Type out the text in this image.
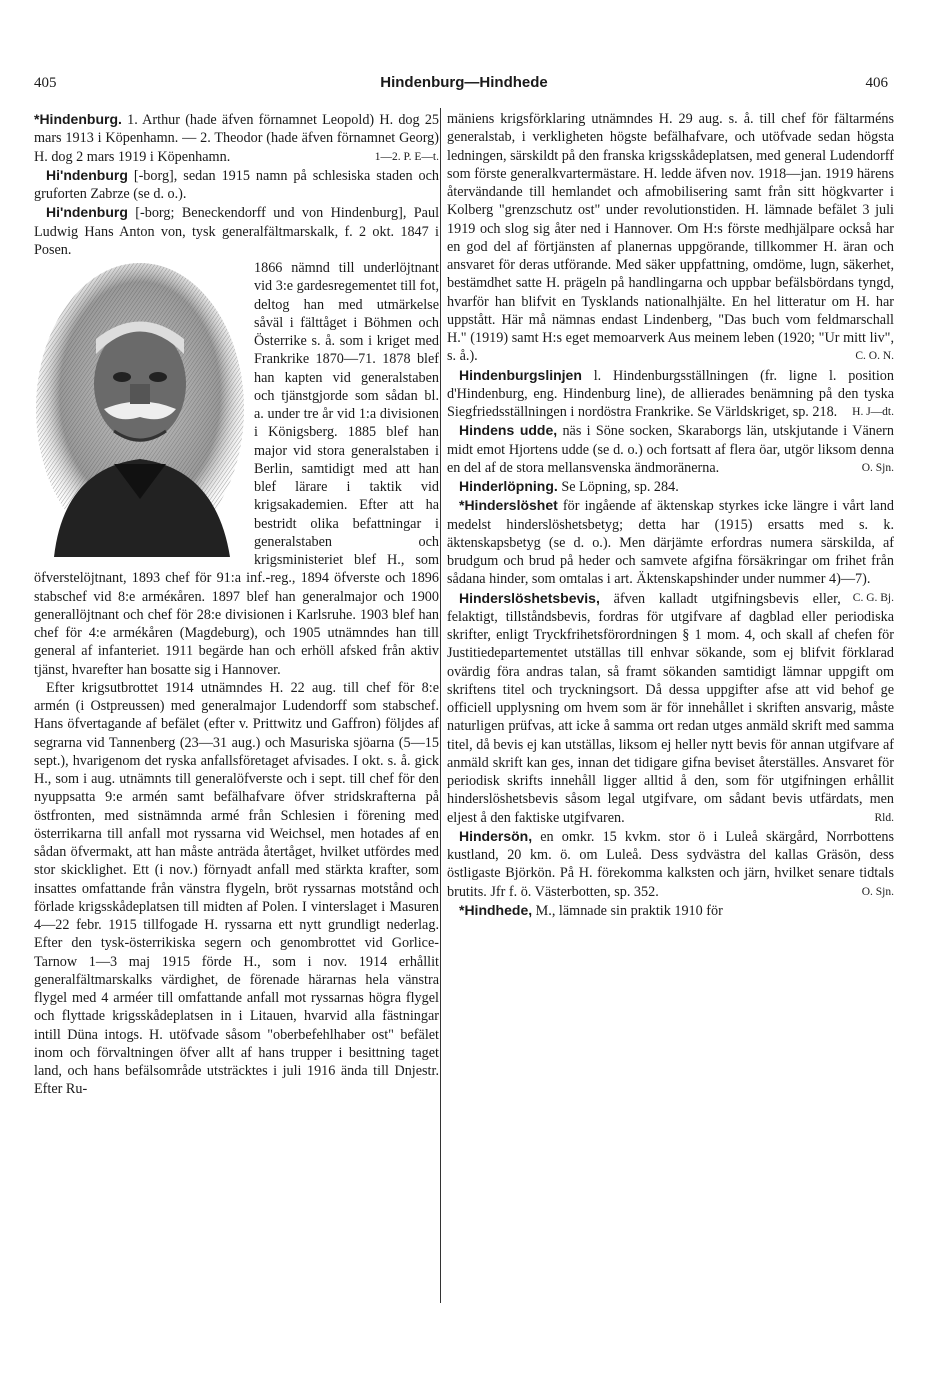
405	Hindenburg—Hindhede	406

*Hindenburg. 1. Arthur (hade äfven förnamnet Leopold) H. dog 25 mars 1913 i Köpenhamn. — 2. Theodor (hade äfven förnamnet Georg) H. dog 2 mars 1919 i Köpenhamn.	1—2. P. E—t.

Hi'ndenburg [-borg], sedan 1915 namn på schlesiska staden och gruforten Zabrze (se d. o.).

Hi'ndenburg [-borg; Beneckendorff und von Hindenburg], Paul Ludwig Hans Anton von, tysk generalfältmarskalk, f. 2 okt. 1847 i Posen.

1866 nämnd till underlöjtnant vid 3:e gardesregementet till fot, deltog han med utmärkelse såväl i fälttåget i Böhmen och Österrike s. å. som i kriget med Frankrike 1870—71. 1878 blef han kapten vid generalstaben och tjänstgjorde som sådan bl. a. under tre år vid 1:a divisionen i Königsberg. 1885 blef han major vid stora generalstaben i Berlin, samtidigt med att han blef lärare i taktik vid krigsakademien. Efter att ha bestridt olika befattningar i generalstaben och krigsministeriet blef H., som öfverstelöjtnant, 1893 chef för 91:a inf.-reg., 1894 öfverste och 1896 stabschef vid 8:e arméкåren. 1897 blef han generalmajor och 1900 generallöjtnant och chef för 28:e divisionen i Karlsruhe. 1903 blef han chef för 4:e armékåren (Magdeburg), och 1905 utnämndes han till general af infanteriet. 1911 begärde han och erhöll afsked från aktiv tjänst, hvarefter han bosatte sig i Hannover.

Efter krigsutbrottet 1914 utnämndes H. 22 aug. till chef för 8:e armén (i Ostpreussen) med generalmajor Ludendorff som stabschef. Hans öfvertagande af befälet (efter v. Prittwitz und Gaffron) följdes af segrarna vid Tannenberg (23—31 aug.) och Masuriska sjöarna (5—15 sept.), hvarigenom det ryska anfallsföretaget afvisades. I okt. s. å. gick H., som i aug. utnämnts till generalöfverste och i sept. till chef för den nyuppsatta 9:e armén samt befälhafvare öfver stridskrafterna på östfronten, med sistnämnda armé från Schlesien i förening med österrikarna till anfall mot ryssarna vid Weichsel, men hotades af en sådan öfvermakt, att han måste anträda återtåget, hvilket utfördes med stor skicklighet. Ett (i nov.) förnyadt anfall med stärkta krafter, som insattes omfattande från vänstra flygeln, bröt ryssarnas motstånd och förlade krigsskådeplatsen till midten af Polen. I vinterslaget i Masuren 4—22 febr. 1915 tillfogade H. ryssarna ett nytt grundligt nederlag. Efter den tysk-österrikiska segern och genombrottet vid Gorlice-Tarnow 1—3 maj 1915 förde H., som i nov. 1914 erhållit generalfältmarskalks värdighet, de förenade härarnas hela vänstra flygel med 4 arméer till omfattande anfall mot ryssarnas högra flygel och flyttade krigsskådeplatsen in i Litauen, hvarvid alla fästningar intill Düna intogs. H. utöfvade såsom "oberbefehlhaber ost" befälet inom och förvaltningen öfver allt af hans trupper i besittning taget land, och hans befälsområde utsträcktes i juli 1916 ända till Dnjestr. Efter Ru-

mäniens krigsförklaring utnämndes H. 29 aug. s. å. till chef för fältarméns generalstab, i verkligheten högste befälhafvare, och utöfvade sedan högsta ledningen, särskildt på den franska krigsskådeplatsen, med general Ludendorff som förste generalkvartermästare. H. ledde äfven nov. 1918—jan. 1919 härens återvändande till hemlandet och afmobilisering samt från sitt högkvarter i Kolberg "grenzschutz ost" under revolutionstiden. H. lämnade befälet 3 juli 1919 och slog sig åter ned i Hannover. Om H:s förste medhjälpare också har en god del af förtjänsten af planernas uppgörande, tillkommer H. äran och ansvaret för deras utförande. Med säker uppfattning, omdöme, lugn, säkerhet, bestämdhet satte H. prägeln på handlingarna och uppbar befälsbördans tyngd, hvarför han blifvit en Tysklands nationalhjälte. En hel litteratur om H. har uppstått. Här må nämnas endast Lindenberg, "Das buch vom feldmarschall H." (1919) samt H:s eget memoarverk Aus meinem leben (1920; "Ur mitt liv", s. å.).	C. O. N.

Hindenburgslinjen l. Hindenburgsställningen (fr. ligne l. position d'Hindenburg, eng. Hindenburg line), de allierades benämning på den tyska Siegfriedsställningen i nordöstra Frankrike. Se Världskriget, sp. 218.	H. J—dt.

Hindens udde, näs i Söne socken, Skaraborgs län, utskjutande i Vänern midt emot Hjortens udde (se d. o.) och fortsatt af flera öar, utgör liksom denna en del af de stora mellansvenska ändmoränerna.	O. Sjn.

Hinderlöpning. Se Löpning, sp. 284.

*Hinderslöshet för ingående af äktenskap styrkes icke längre i vårt land medelst hinderslöshetsbetyg; detta har (1915) ersatts med s. k. äktenskapsbetyg (se d. o.). Men därjämte erfordras numera särskilda, af brudgum och brud på heder och samvete afgifna försäkringar om frihet från sådana hinder, som omtalas i art. Äktenskapshinder under nummer 4)—7).
C. G. Bj.

Hinderslöshetsbevis, äfven kalladt utgifningsbevis eller, felaktigt, tillståndsbevis, fordras för utgifvare af dagblad eller periodiska skrifter, enligt Tryckfrihetsförordningen § 1 mom. 4, och skall af chefen för Justitiedepartementet utställas till enhvar sökande, som ej blifvit förklarad ovärdig föra andras talan, så framt sökanden samtidigt lämnar uppgift om skriftens titel och tryckningsort. Då dessa uppgifter afse att vid behof ge officiell upplysning om hvem som är för innehållet i skriften ansvarig, måste naturligen prüfvas, att icke å samma ort redan utges anmäld skrift med samma titel, då bevis ej kan utställas, liksom ej heller nytt bevis för annan utgifvare af anmäld skrift kan ges, innan det tidigare gifna beviset återställes. Ansvaret för periodisk skrifts innehåll ligger alltid å den, som för utgifningen erhållit hinderslöshetsbevis såsom legal utgifvare, om sådant bevis utfärdats, men eljest å den faktiske utgifvaren.	Rld.

Hindersön, en omkr. 15 kvkm. stor ö i Luleå skärgård, Norrbottens kustland, 20 km. ö. om Luleå. Dess sydvästra del kallas Gräsön, dess östligaste Björkön. På H. förekomma kalksten och järn, hvilket senare tidtals brutits. Jfr f. ö. Västerbotten, sp. 352.	O. Sjn.

*Hindhede, M., lämnade sin praktik 1910 för
